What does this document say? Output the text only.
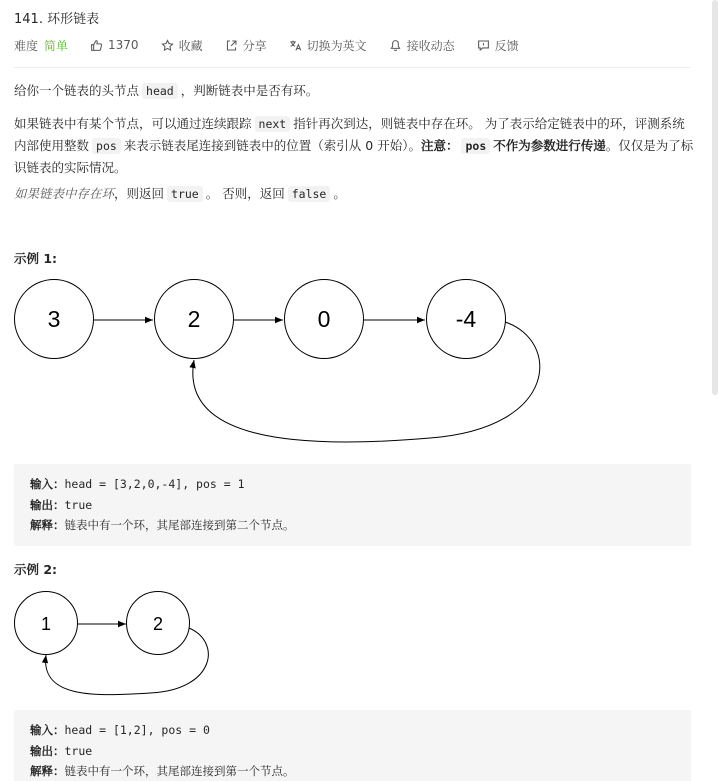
141. 环形链表
难度 简单	1370	收藏	分享	切换为英文	接收动态	反馈
给你一个链表的头节点 head ，判断链表中是否有环。
如果链表中有某个节点，可以通过连续跟踪 next 指针再次到达，则链表中存在环。 为了表示给定链表中的环，评测系统内部使用整数 pos 来表示链表尾连接到链表中的位置（索引从 0 开始）。注意： pos 不作为参数进行传递。仅仅是为了标识链表的实际情况。
如果链表中存在环，则返回 true 。 否则，返回 false 。
示例 1:
3	2	0	-4
输入：head = [3,2,0,-4], pos = 1
输出：true
解释：链表中有一个环，其尾部连接到第二个节点。
示例 2:
1	2
输入：head = [1,2], pos = 0
输出：true
解释：链表中有一个环，其尾部连接到第一个节点。
